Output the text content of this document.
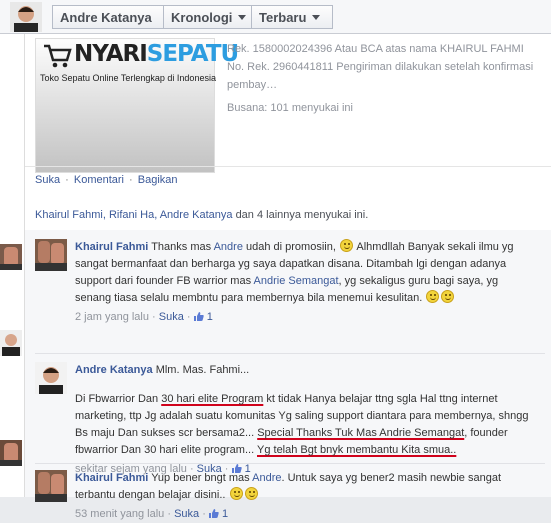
Andre Katanya Kronologi Terbaru
NYARISEPATU
Toko Sepatu Online Terlengkap di Indonesia
Rek. 1580002024396 Atau BCA atas nama KHAIRUL FAHMI
No. Rek. 2960441811 Pengiriman dilakukan setelah konfirmasi
pembay…
Busana: 101 menyukai ini
Suka · Komentari · Bagikan
Khairul Fahmi, Rifani Ha, Andre Katanya dan 4 lainnya menyukai ini.
Khairul Fahmi Thanks mas Andre udah di promosiin, Alhmdllah Banyak sekali ilmu yg sangat bermanfaat dan berharga yg saya dapatkan disana. Ditambah lgi dengan adanya support dari founder FB warrior mas Andrie Semangat, yg sekaligus guru bagi saya, yg senang tiasa selalu membntu para membernya bila menemui kesulitan.
2 jam yang lalu · Suka ·  1
Andre Katanya Mlm. Mas. Fahmi...
Di Fbwarrior Dan 30 hari elite Program kt tidak Hanya belajar ttng sgla Hal ttng internet marketing, ttp Jg adalah suatu komunitas Yg saling support diantara para membernya, shngg Bs maju Dan sukses scr bersama2... Special Thanks Tuk Mas Andrie Semangat, founder fbwarrior Dan 30 hari elite program... Yg telah Bgt bnyk membantu Kita smua..
sekitar sejam yang lalu · Suka ·  1
Khairul Fahmi Yup bener bngt mas Andre. Untuk saya yg bener2 masih newbie sangat terbantu dengan belajar disini..
53 menit yang lalu · Suka ·  1
